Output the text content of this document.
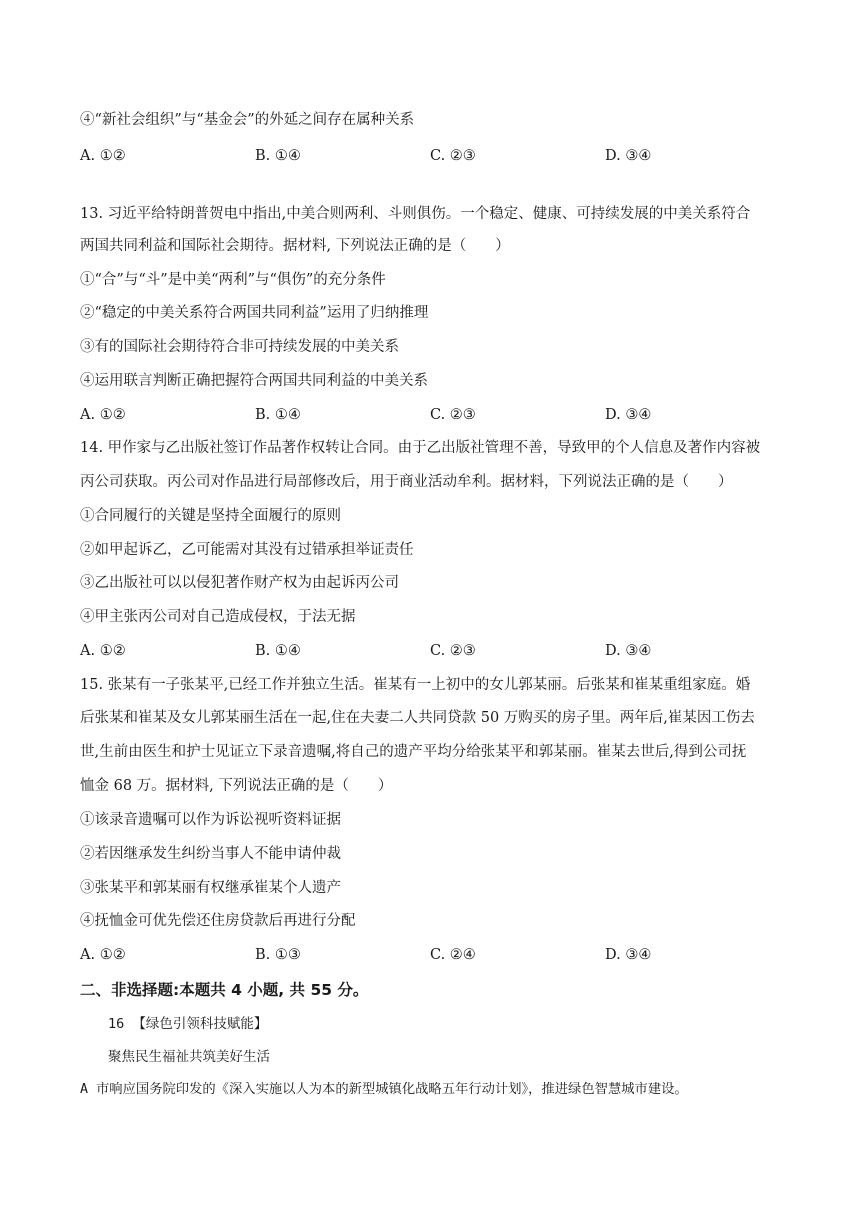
④“新社会组织”与“基金会”的外延之间存在属种关系
A. ①②	B. ①④	C. ②③	D. ③④
13. 习近平给特朗普贺电中指出,中美合则两利、斗则俱伤。一个稳定、健康、可持续发展的中美关系符合
两国共同利益和国际社会期待。据材料, 下列说法正确的是（　　）
①“合”与“斗”是中美“两利”与“俱伤”的充分条件
②“稳定的中美关系符合两国共同利益”运用了归纳推理
③有的国际社会期待符合非可持续发展的中美关系
④运用联言判断正确把握符合两国共同利益的中美关系
A. ①②	B. ①④	C. ②③	D. ③④
14. 甲作家与乙出版社签订作品著作权转让合同。由于乙出版社管理不善，导致甲的个人信息及著作内容被
丙公司获取。丙公司对作品进行局部修改后，用于商业活动牟利。据材料，下列说法正确的是（　　）
①合同履行的关键是坚持全面履行的原则
②如甲起诉乙，乙可能需对其没有过错承担举证责任
③乙出版社可以以侵犯著作财产权为由起诉丙公司
④甲主张丙公司对自己造成侵权，于法无据
A. ①②	B. ①④	C. ②③	D. ③④
15. 张某有一子张某平,已经工作并独立生活。崔某有一上初中的女儿郭某丽。后张某和崔某重组家庭。婚
后张某和崔某及女儿郭某丽生活在一起,住在夫妻二人共同贷款 50 万购买的房子里。两年后,崔某因工伤去
世,生前由医生和护士见证立下录音遗嘱,将自己的遗产平均分给张某平和郭某丽。崔某去世后,得到公司抚
恤金 68 万。据材料, 下列说法正确的是（　　）
①该录音遗嘱可以作为诉讼视听资料证据
②若因继承发生纠纷当事人不能申请仲裁
③张某平和郭某丽有权继承崔某个人遗产
④抚恤金可优先偿还住房贷款后再进行分配
A. ①②	B. ①③	C. ②④	D. ③④
二、非选择题:本题共 4 小题, 共 55 分。
16 【绿色引领科技赋能】
聚焦民生福祉共筑美好生活
A 市响应国务院印发的《深入实施以人为本的新型城镇化战略五年行动计划》，推进绿色智慧城市建设。
